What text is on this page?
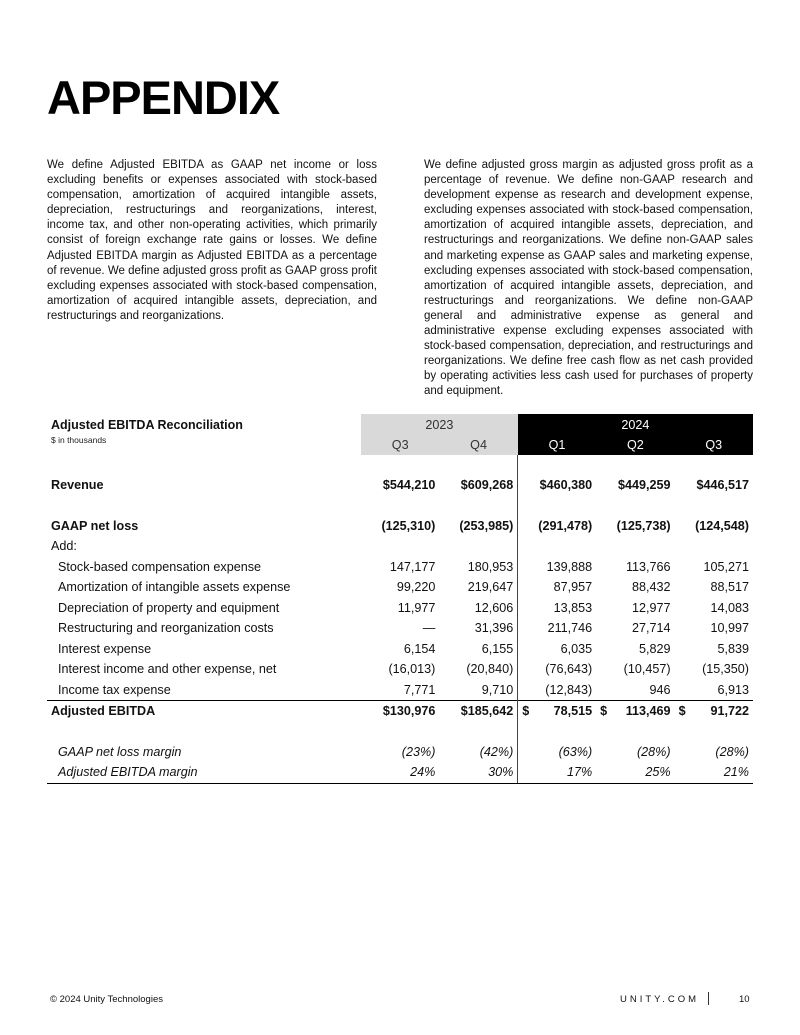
APPENDIX
We define Adjusted EBITDA as GAAP net income or loss excluding benefits or expenses associated with stock-based compensation, amortization of acquired intangible assets, depreciation, restructurings and reorganizations, interest, income tax, and other non-operating activities, which primarily consist of foreign exchange rate gains or losses. We define Adjusted EBITDA margin as Adjusted EBITDA as a percentage of revenue. We define adjusted gross profit as GAAP gross profit excluding expenses associated with stock-based compensation, amortization of acquired intangible assets, depreciation, and restructurings and reorganizations.
We define adjusted gross margin as adjusted gross profit as a percentage of revenue. We define non-GAAP research and development expense as research and development expense, excluding expenses associated with stock-based compensation, amortization of acquired intangible assets, depreciation, and restructurings and reorganizations. We define non-GAAP sales and marketing expense as GAAP sales and marketing expense, excluding expenses associated with stock-based compensation, amortization of acquired intangible assets, depreciation, and restructurings and reorganizations. We define non-GAAP general and administrative expense as general and administrative expense excluding expenses associated with stock-based compensation, depreciation, and restructurings and reorganizations. We define free cash flow as net cash provided by operating activities less cash used for purchases of property and equipment.
Adjusted EBITDA Reconciliation	2023		2024		
$ in thousands	Q3	Q4	Q1	Q2	Q3

Revenue	$544,210	$609,268	$460,380	$449,259	$446,517

GAAP net loss	(125,310)	(253,985)	(291,478)	(125,738)	(124,548)
Add:					
Stock-based compensation expense	147,177	180,953	139,888	113,766	105,271
Amortization of intangible assets expense	99,220	219,647	87,957	88,432	88,517
Depreciation of property and equipment	11,977	12,606	13,853	12,977	14,083
Restructuring and reorganization costs	—	31,396	211,746	27,714	10,997
Interest expense	6,154	6,155	6,035	5,829	5,839
Interest income and other expense, net	(16,013)	(20,840)	(76,643)	(10,457)	(15,350)
Income tax expense	7,771	9,710	(12,843)	946	6,913
Adjusted EBITDA	$130,976	$185,642	$ 78,515	$ 113,469	$ 91,722

GAAP net loss margin	(23%)	(42%)	(63%)	(28%)	(28%)
Adjusted EBITDA margin	24%	30%	17%	25%	21%
© 2024 Unity Technologies	UNITY.COM	10
